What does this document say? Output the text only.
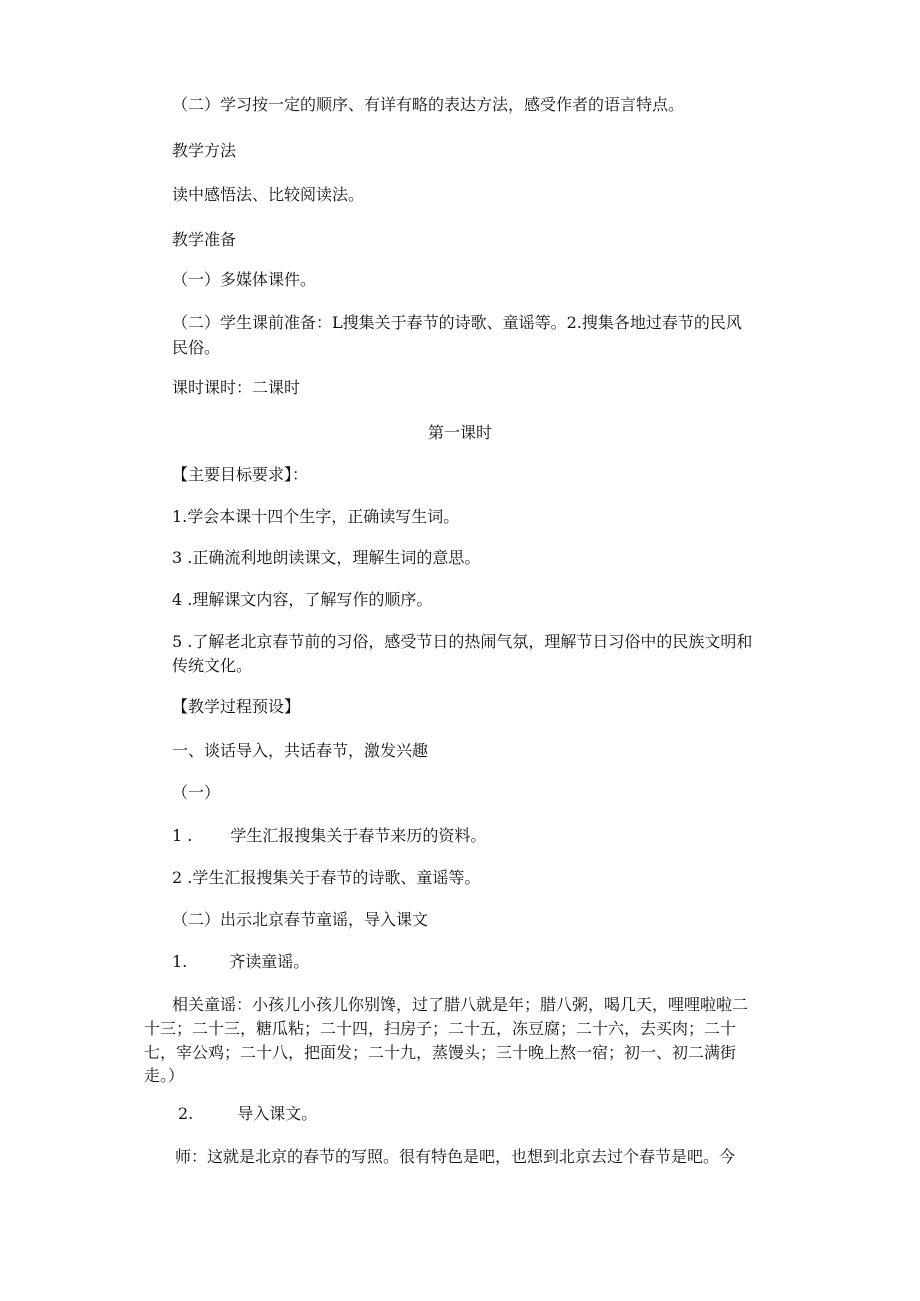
（二）学习按一定的顺序、有详有略的表达方法，感受作者的语言特点。

教学方法

读中感悟法、比较阅读法。

教学准备

（一）多媒体课件。

（二）学生课前准备：L搜集关于春节的诗歌、童谣等。2.搜集各地过春节的民风

民俗。

课时课时：二课时

第一课时

【主要目标要求】：

1.学会本课十四个生字，正确读写生词。

3 .正确流利地朗读课文，理解生词的意思。

4 .理解课文内容，了解写作的顺序。

5 .了解老北京春节前的习俗，感受节日的热闹气氛，理解节日习俗中的民族文明和

传统文化。

【教学过程预设】

一、谈话导入，共话春节，激发兴趣

（一）

1 . 学生汇报搜集关于春节来历的资料。

2 .学生汇报搜集关于春节的诗歌、童谣等。

（二）出示北京春节童谣，导入课文

1.	齐读童谣。

相关童谣：小孩儿小孩儿你别馋，过了腊八就是年；腊八粥，喝几天，哩哩啦啦二

十三；二十三，糖瓜粘；二十四，扫房子；二十五，冻豆腐；二十六，去买肉；二十

七，宰公鸡；二十八，把面发；二十九，蒸馒头；三十晚上熬一宿；初一、初二满街

走。）

2.	导入课文。

师：这就是北京的春节的写照。很有特色是吧，也想到北京去过个春节是吧。今
